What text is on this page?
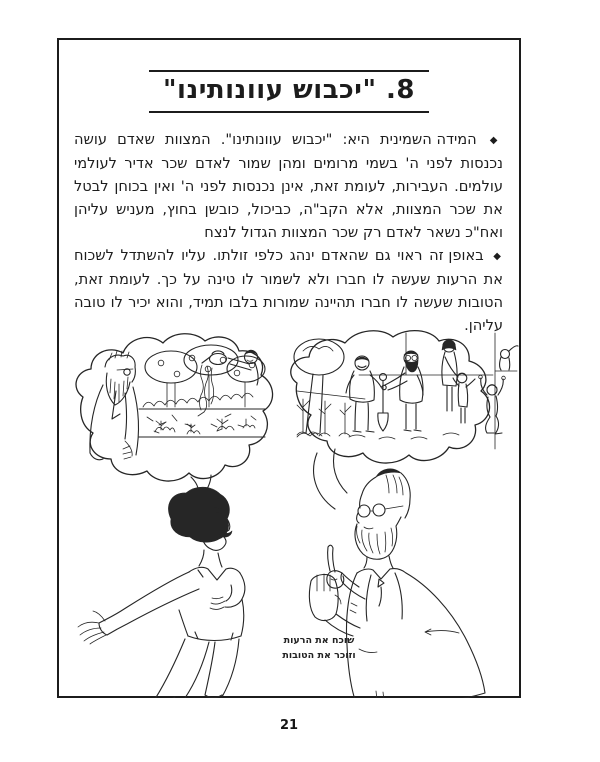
8. "יכבוש עוונותינו"

◆ המידה השמינית היא: "יכבוש עוונותינו". המצוות שאדם עושה נכנסות לפני ה' בשמי מרומים ומהן שמור לאדם שכר אדיר לעולמי עולמים. העבירות, לעומת זאת, אינן נכנסות לפני ה' ואין בכוחן לבטל את שכר המצוות, אלא הקב"ה, כביכול, כובשן בחוץ, מעניש עליהן ואח"כ נשאר לאדם רק שכר המצוות הגדול לנצח

◆ באופן זה ראוי גם שהאדם ינהג כלפי זולתו. עליו להשתדל לשכוח את הרעות שעשה לו חברו ולא לשמור לו טינה על כך. לעומת זאת, הטובות שעשה לו חברו תהיינה שמורות בלבו תמיד, והוא יכיר לו טובה עליהן.

שוכח את הרעות
וזוכר את הטובות
21
